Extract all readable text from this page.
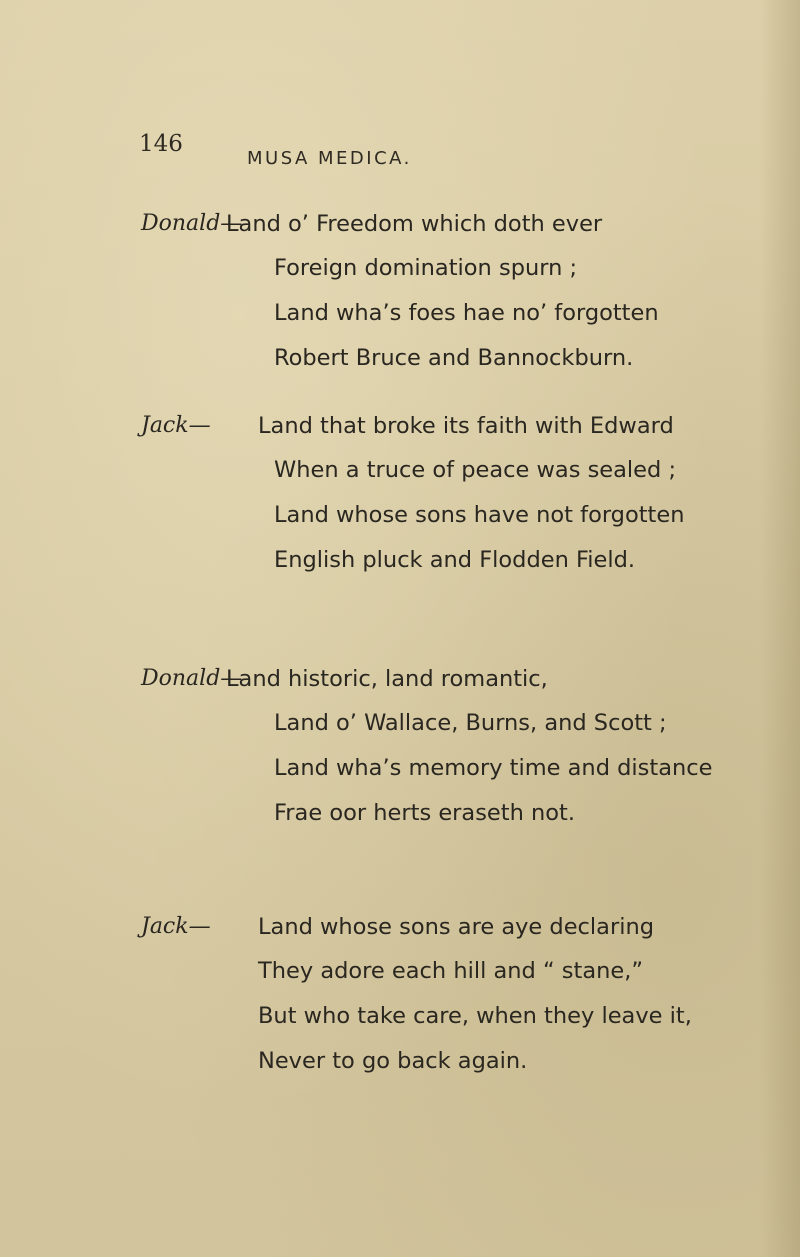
146
MUSA MEDICA.
Donald—
Land o’ Freedom which doth ever
Foreign domination spurn ;
Land wha’s foes hae no’ forgotten
Robert Bruce and Bannockburn.
Jack— Land that broke its faith with Edward
When a truce of peace was sealed ;
Land whose sons have not forgotten
English pluck and Flodden Field.
Donald—
Land historic, land romantic,
Land o’ Wallace, Burns, and Scott ;
Land wha’s memory time and distance
Frae oor herts eraseth not.
Jack— Land whose sons are aye declaring
They adore each hill and “ stane,”
But who take care, when they leave it,
Never to go back again.
